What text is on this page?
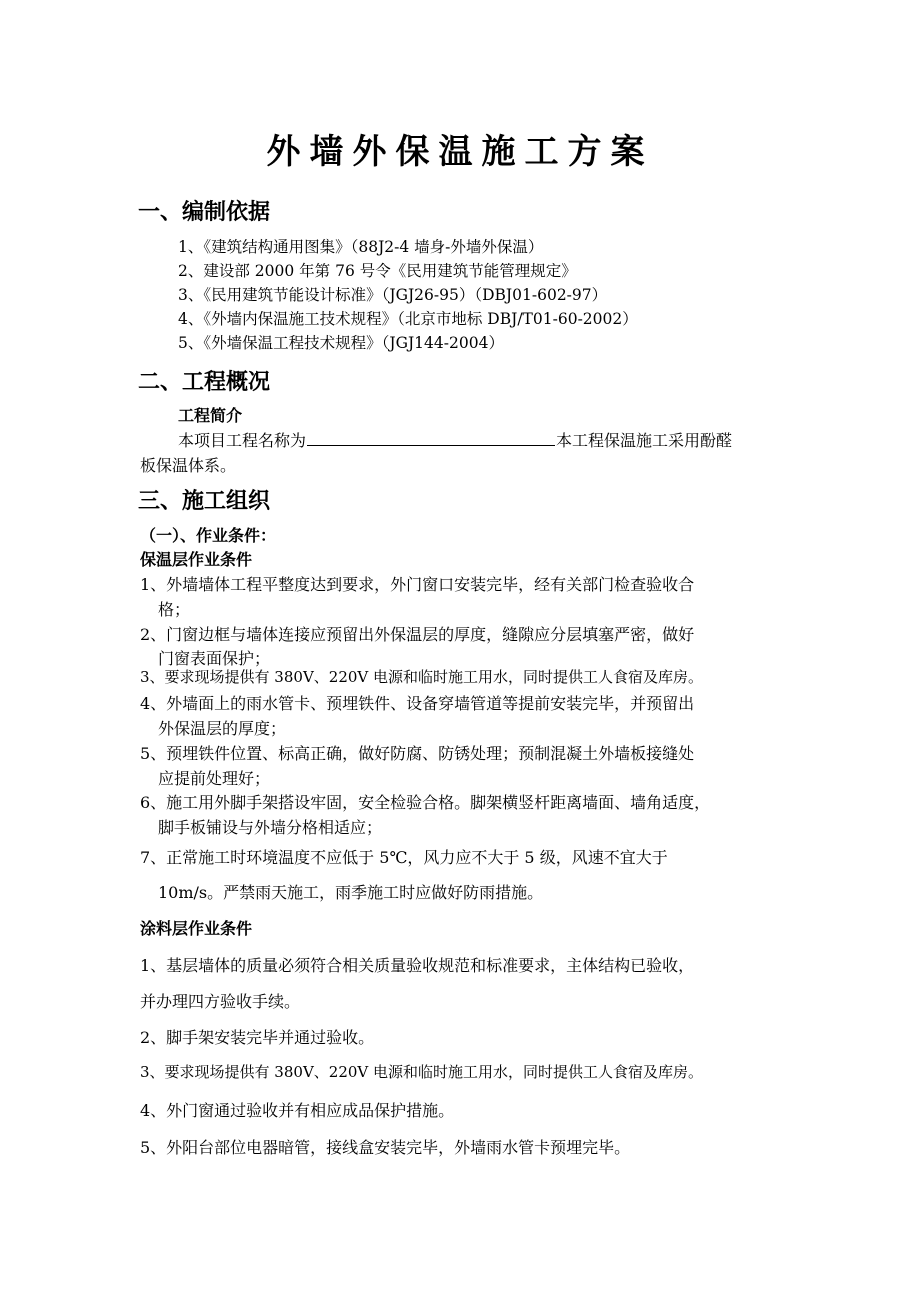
外墙外保温施工方案
一、编制依据
1、《建筑结构通用图集》（88J2-4 墙身-外墙外保温）
2、建设部 2000 年第 76 号令《民用建筑节能管理规定》
3、《民用建筑节能设计标准》（JGJ26-95）（DBJ01-602-97）
4、《外墙内保温施工技术规程》（北京市地标 DBJ/T01-60-2002）
5、《外墙保温工程技术规程》（JGJ144-2004）
二、工程概况
工程简介
本项目工程名称为	本工程保温施工采用酚醛
板保温体系。
三、施工组织
（一）、作业条件：
保温层作业条件
1、外墙墙体工程平整度达到要求，外门窗口安装完毕，经有关部门检查验收合
格；
2、门窗边框与墙体连接应预留出外保温层的厚度，缝隙应分层填塞严密，做好
门窗表面保护；
3、要求现场提供有 380V、220V 电源和临时施工用水，同时提供工人食宿及库房。
4、外墙面上的雨水管卡、预埋铁件、设备穿墙管道等提前安装完毕，并预留出
外保温层的厚度；
5、预埋铁件位置、标高正确，做好防腐、防锈处理；预制混凝土外墙板接缝处
应提前处理好；
6、施工用外脚手架搭设牢固，安全检验合格。脚架横竖杆距离墙面、墙角适度，
脚手板铺设与外墙分格相适应；
7、正常施工时环境温度不应低于 5℃，风力应不大于 5 级，风速不宜大于
10m/s。严禁雨天施工，雨季施工时应做好防雨措施。
涂料层作业条件
1、基层墙体的质量必须符合相关质量验收规范和标准要求，主体结构已验收，
并办理四方验收手续。
2、脚手架安装完毕并通过验收。
3、要求现场提供有 380V、220V 电源和临时施工用水，同时提供工人食宿及库房。
4、外门窗通过验收并有相应成品保护措施。
5、外阳台部位电器暗管，接线盒安装完毕，外墙雨水管卡预埋完毕。
